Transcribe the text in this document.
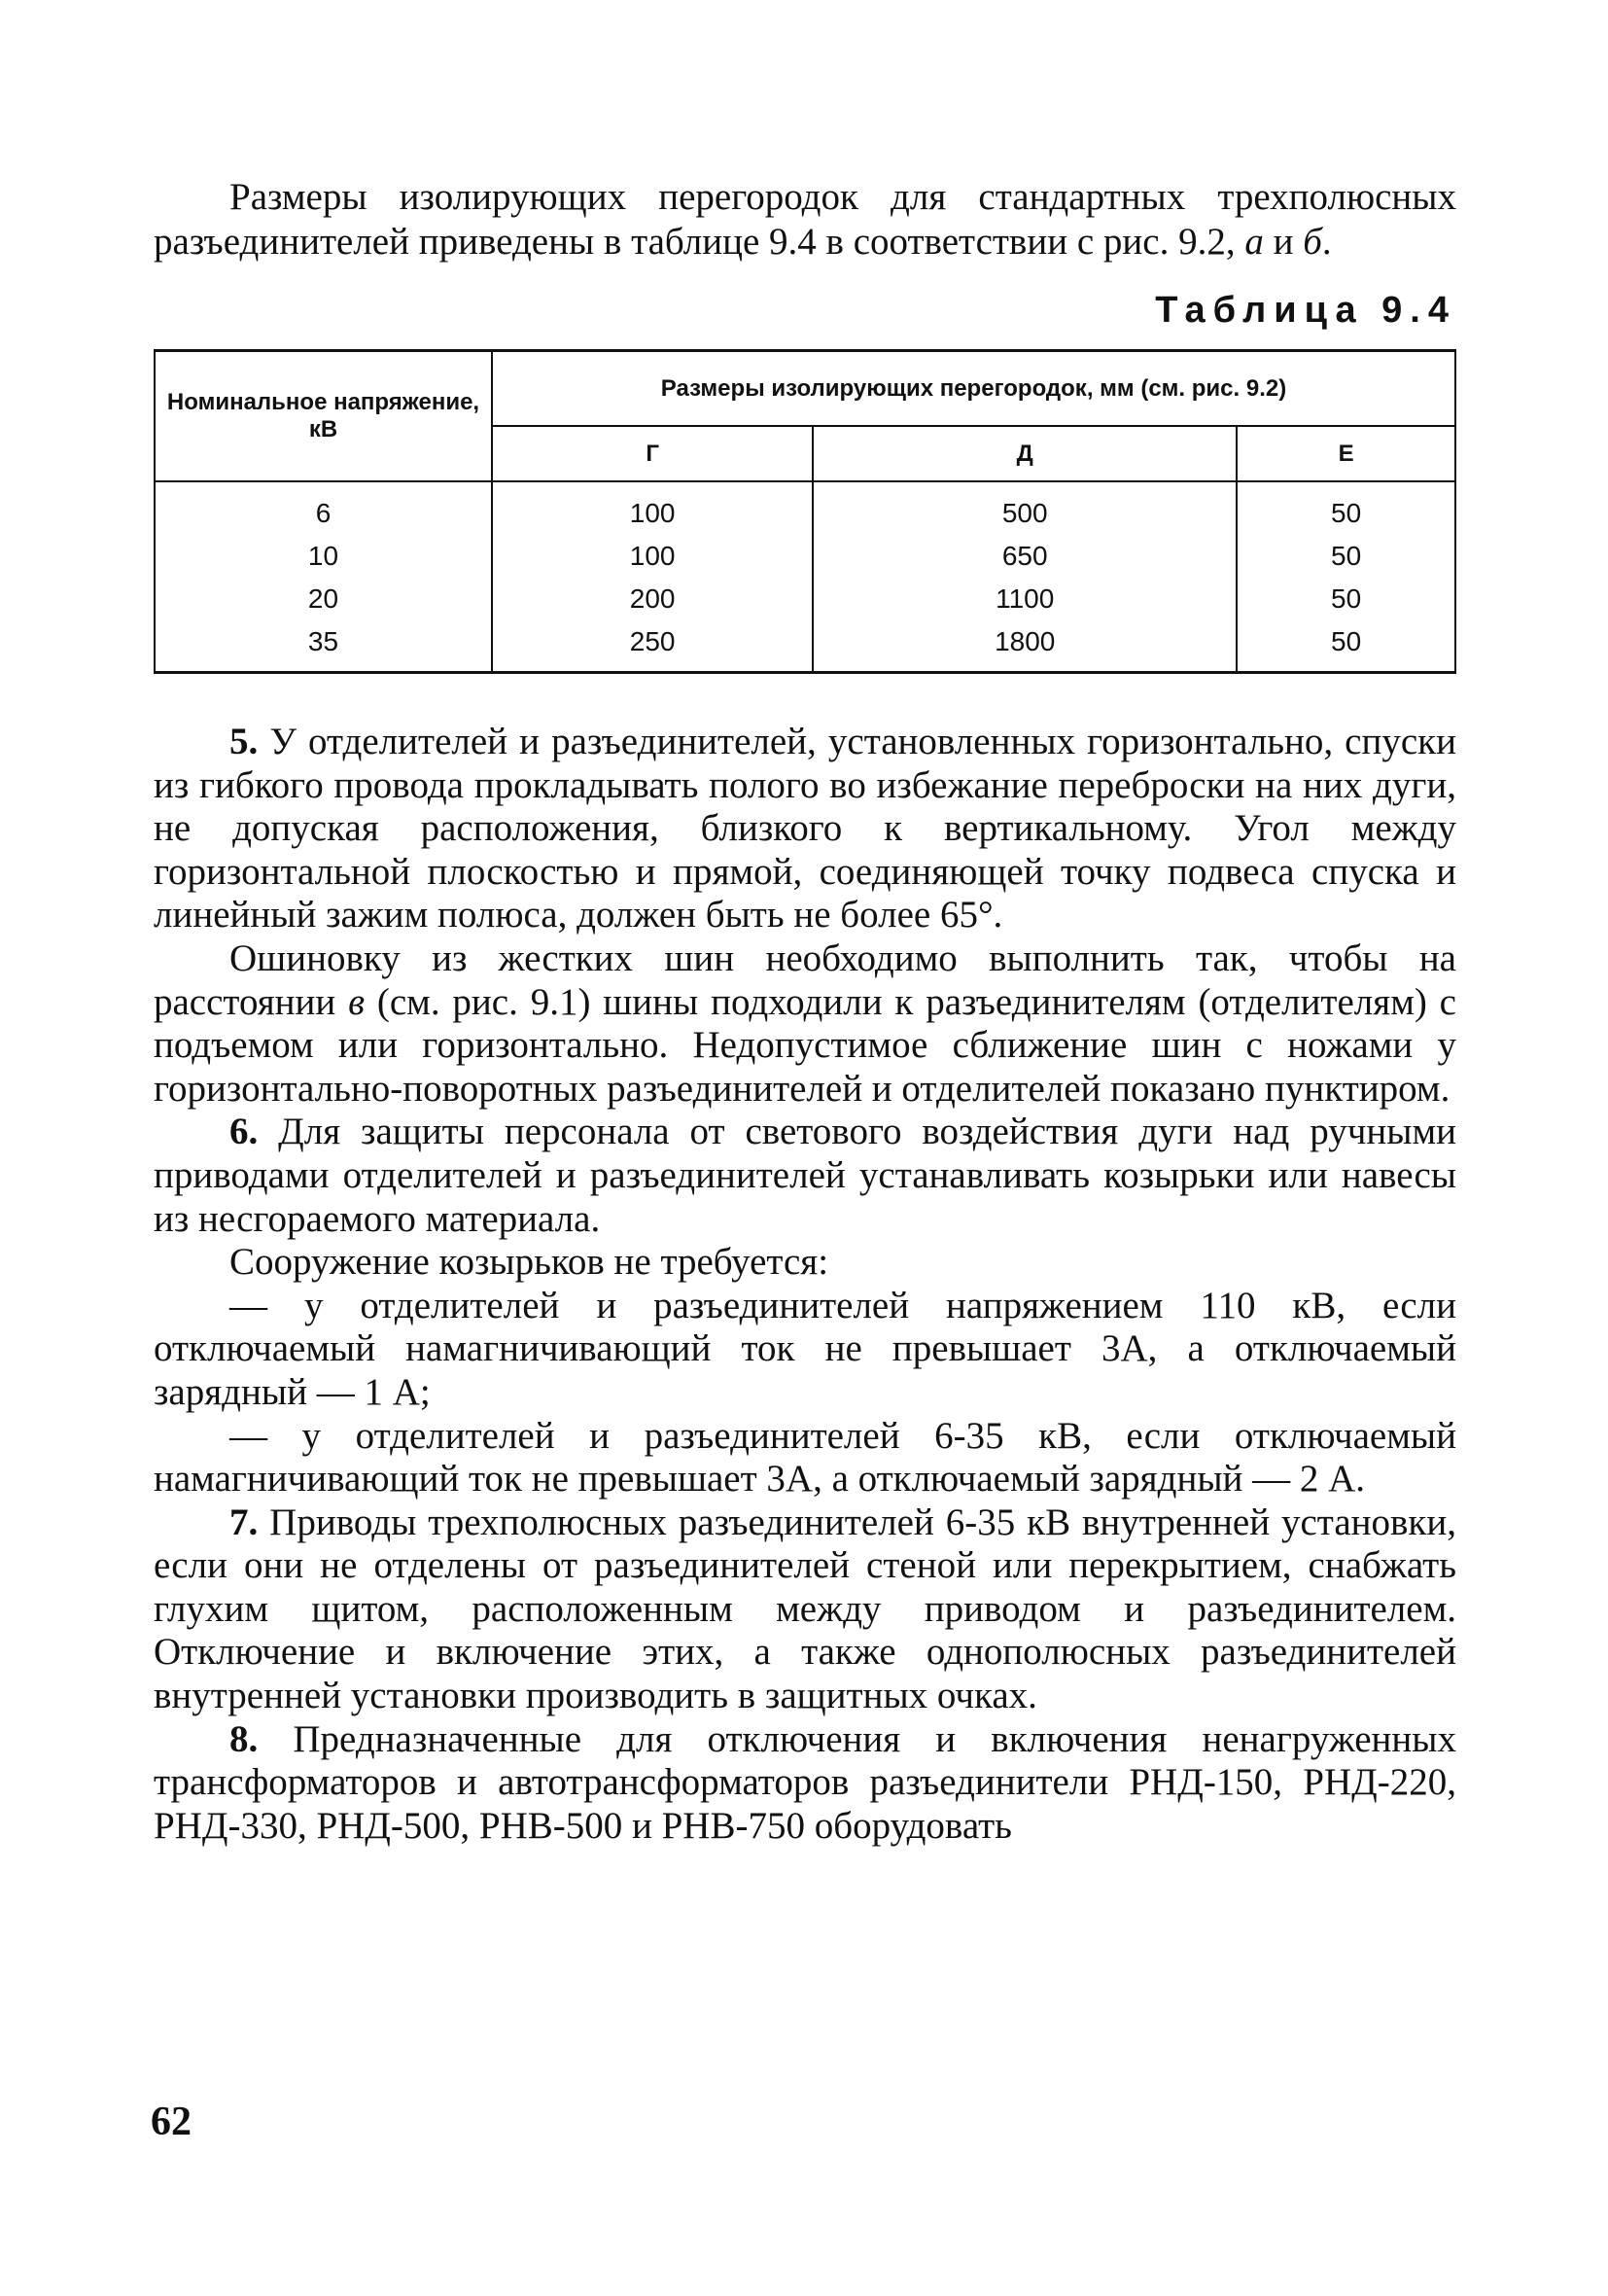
Размеры изолирующих перегородок для стандартных трехполюсных разъединителей приведены в таблице 9.4 в соответствии с рис. 9.2, а и б.

Таблица 9.4
Номинальное напряжение, кВ	Размеры изолирующих перегородок, мм (см. рис. 9.2)		
	Г	Д	Е
6	100	500	50
10	100	650	50
20	200	1100	50
35	250	1800	50

5. У отделителей и разъединителей, установленных горизонтально, спуски из гибкого провода прокладывать полого во избежание переброски на них дуги, не допуская расположения, близкого к вертикальному. Угол между горизонтальной плоскостью и прямой, соединяющей точку подвеса спуска и линейный зажим полюса, должен быть не более 65°.

Ошиновку из жестких шин необходимо выполнить так, чтобы на расстоянии в (см. рис. 9.1) шины подходили к разъединителям (отделителям) с подъемом или горизонтально. Недопустимое сближение шин с ножами у горизонтально-поворотных разъединителей и отделителей показано пунктиром.

6. Для защиты персонала от светового воздействия дуги над ручными приводами отделителей и разъединителей устанавливать козырьки или навесы из несгораемого материала.

Сооружение козырьков не требуется:

— у отделителей и разъединителей напряжением 110 кВ, если отключаемый намагничивающий ток не превышает 3А, а отключаемый зарядный — 1 А;

— у отделителей и разъединителей 6-35 кВ, если отключаемый намагничивающий ток не превышает 3А, а отключаемый зарядный — 2 А.

7. Приводы трехполюсных разъединителей 6-35 кВ внутренней установки, если они не отделены от разъединителей стеной или перекрытием, снабжать глухим щитом, расположенным между приводом и разъединителем. Отключение и включение этих, а также однополюсных разъединителей внутренней установки производить в защитных очках.

8. Предназначенные для отключения и включения ненагруженных трансформаторов и автотрансформаторов разъединители РНД-150, РНД-220, РНД-330, РНД-500, РНВ-500 и РНВ-750 оборудовать

62
